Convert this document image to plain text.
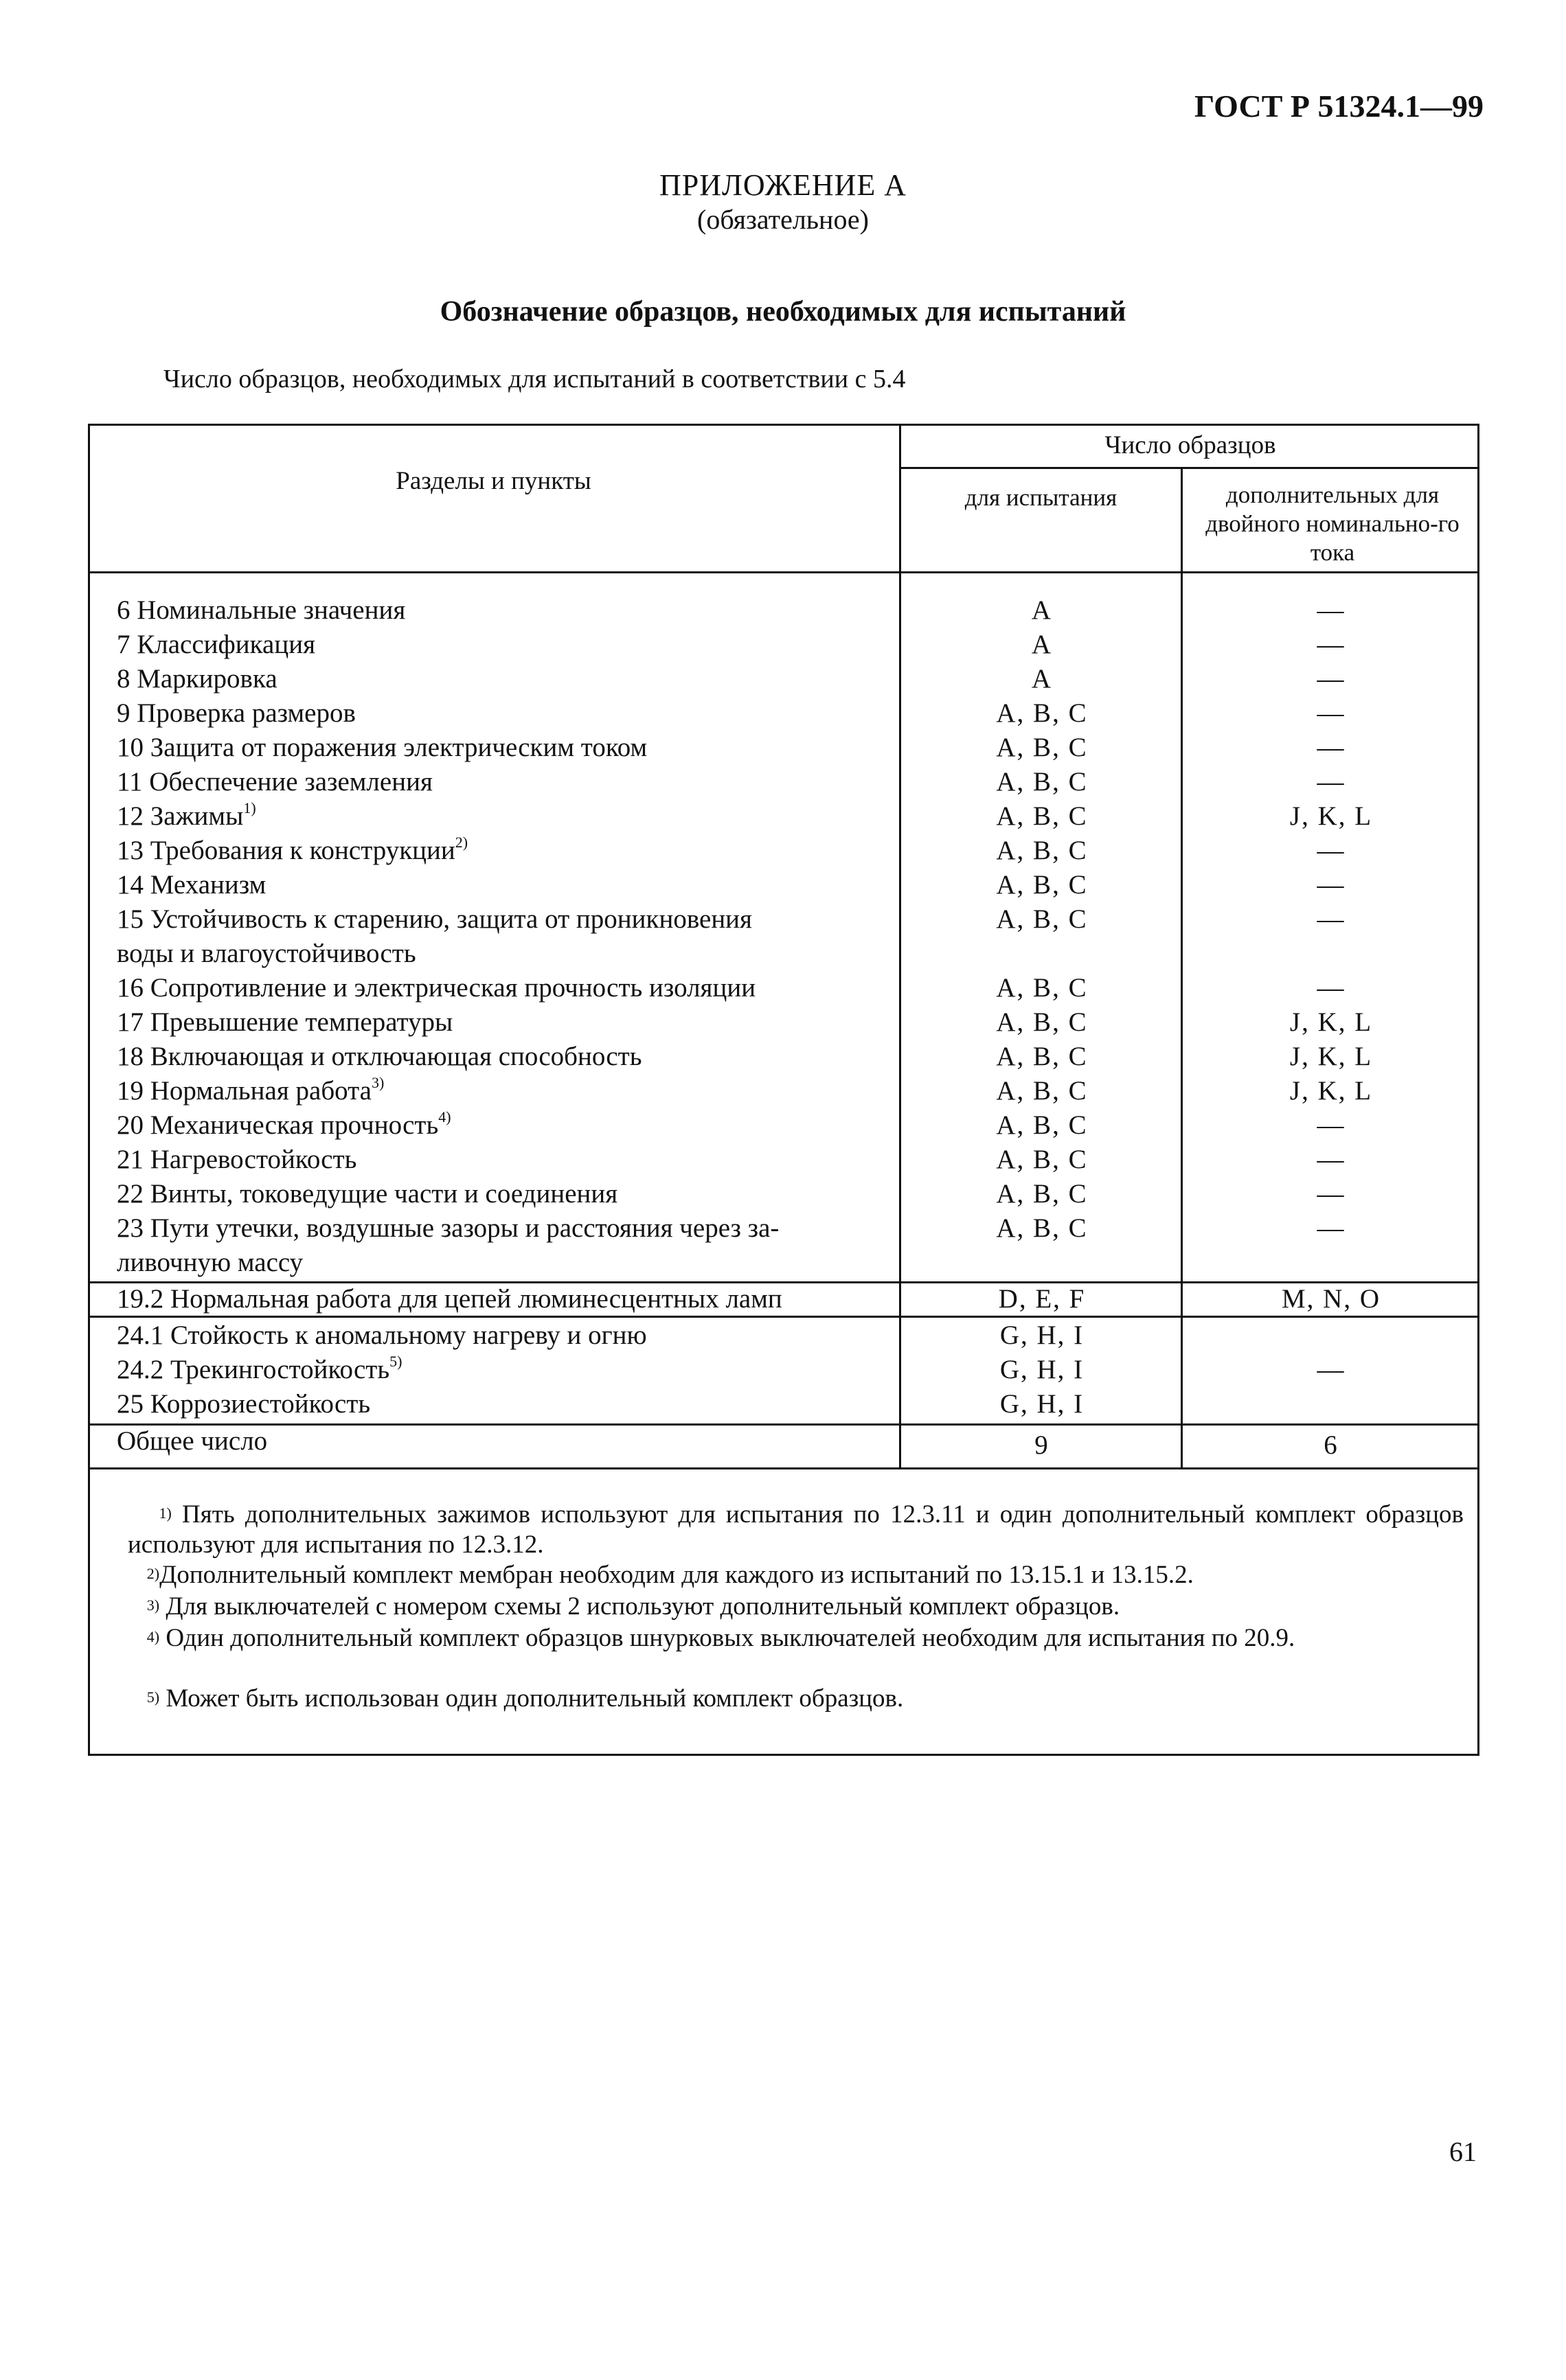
ГОСТ Р 51324.1—99
ПРИЛОЖЕНИЕ А
(обязательное)
Обозначение образцов, необходимых для испытаний
Число образцов, необходимых для испытаний в соответствии с 5.4
Разделы и пункты
Число образцов
для испытания	дополнительных для двойного номинально-го тока
6 Номинальные значения	A	—
7 Классификация	A	—
8 Маркировка	A	—
9 Проверка размеров	A, B, C	—
10 Защита от поражения электрическим током	A, B, C	—
11 Обеспечение заземления	A, B, C	—
12 Зажимы$^{1)}$	A, B, C	J, K, L
13 Требования к конструкции$^{2)}$	A, B, C	—
14 Механизм	A, B, C	—
15 Устойчивость к старению, защита от проникновения	A, B, C	—
воды и влагоустойчивость
16 Сопротивление и электрическая прочность изоляции	A, B, C	—
17 Превышение температуры	A, B, C	J, K, L
18 Включающая и отключающая способность	A, B, C	J, K, L
19 Нормальная работа$^{3)}$	A, B, C	J, K, L
20 Механическая прочность$^{4)}$	A, B, C	—
21 Нагревостойкость	A, B, C	—
22 Винты, токоведущие части и соединения	A, B, C	—
23 Пути утечки, воздушные зазоры и расстояния через за-	A, B, C	—
ливочную массу
19.2 Нормальная работа для цепей люминесцентных ламп	D, E, F	M, N, O
24.1 Стойкость к аномальному нагреву и огню	G, H, I
24.2 Трекингостойкость$^{5)}$	G, H, I	—
25 Коррозиестойкость	G, H, I
Общее число	9	6
$^{1)}$ Пять дополнительных зажимов используют для испытания по 12.3.11 и один дополнительный комплект образцов используют для испытания по 12.3.12.
$^{2)}$Дополнительный комплект мембран необходим для каждого из испытаний по 13.15.1 и 13.15.2.
$^{3)}$ Для выключателей с номером схемы 2 используют дополнительный комплект образцов.
$^{4)}$ Один дополнительный комплект образцов шнурковых выключателей необходим для испытания по 20.9.
$^{5)}$ Может быть использован один дополнительный комплект образцов.
61
